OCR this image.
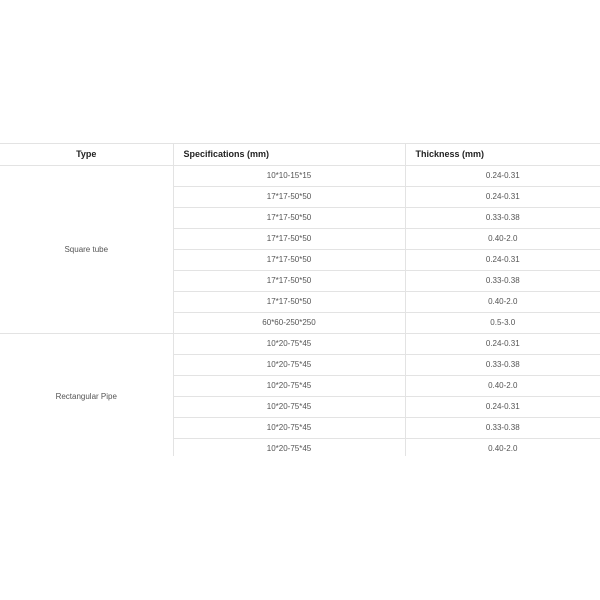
Type	Specifications (mm)	Thickness (mm)
Square tube	10*10-15*15	0.24-0.31
	17*17-50*50	0.24-0.31
	17*17-50*50	0.33-0.38
	17*17-50*50	0.40-2.0
	17*17-50*50	0.24-0.31
	17*17-50*50	0.33-0.38
	17*17-50*50	0.40-2.0
	60*60-250*250	0.5-3.0
Rectangular Pipe	10*20-75*45	0.24-0.31
	10*20-75*45	0.33-0.38
	10*20-75*45	0.40-2.0
	10*20-75*45	0.24-0.31
	10*20-75*45	0.33-0.38
	10*20-75*45	0.40-2.0
